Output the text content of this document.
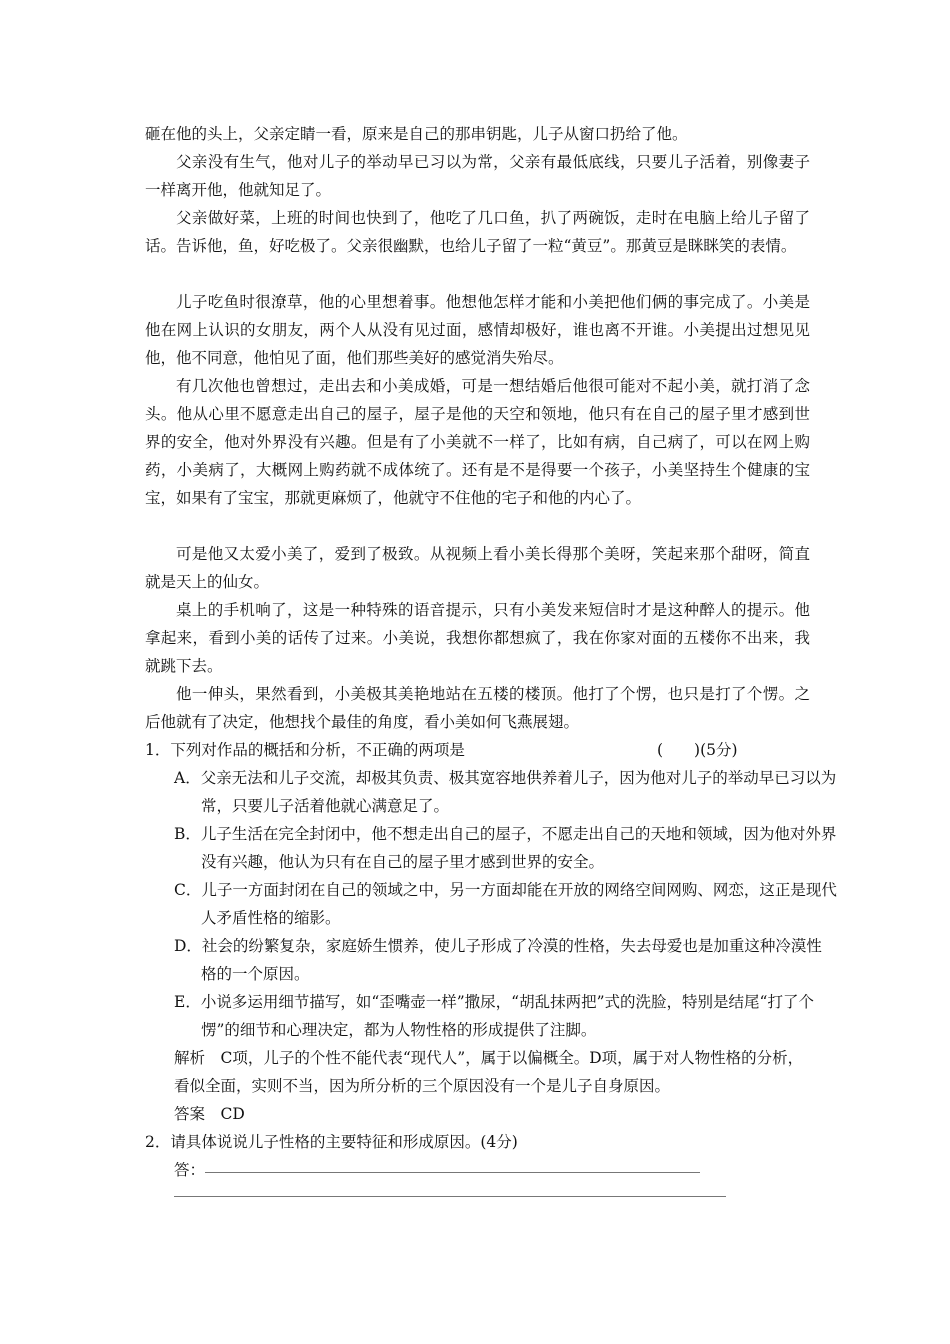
砸在他的头上，父亲定睛一看，原来是自己的那串钥匙，儿子从窗口扔给了他。

父亲没有生气，他对儿子的举动早已习以为常，父亲有最低底线，只要儿子活着，别像妻子一样离开他，他就知足了。

父亲做好菜，上班的时间也快到了，他吃了几口鱼，扒了两碗饭，走时在电脑上给儿子留了话。告诉他，鱼，好吃极了。父亲很幽默，也给儿子留了一粒“黄豆”。那黄豆是眯眯笑的表情。

儿子吃鱼时很潦草，他的心里想着事。他想他怎样才能和小美把他们俩的事完成了。小美是他在网上认识的女朋友，两个人从没有见过面，感情却极好，谁也离不开谁。小美提出过想见见他，他不同意，他怕见了面，他们那些美好的感觉消失殆尽。

有几次他也曾想过，走出去和小美成婚，可是一想结婚后他很可能对不起小美，就打消了念头。他从心里不愿意走出自己的屋子，屋子是他的天空和领地，他只有在自己的屋子里才感到世界的安全，他对外界没有兴趣。但是有了小美就不一样了，比如有病，自己病了，可以在网上购药，小美病了，大概网上购药就不成体统了。还有是不是得要一个孩子，小美坚持生个健康的宝宝，如果有了宝宝，那就更麻烦了，他就守不住他的宅子和他的内心了。

可是他又太爱小美了，爱到了极致。从视频上看小美长得那个美呀，笑起来那个甜呀，简直就是天上的仙女。

桌上的手机响了，这是一种特殊的语音提示，只有小美发来短信时才是这种醉人的提示。他拿起来，看到小美的话传了过来。小美说，我想你都想疯了，我在你家对面的五楼你不出来，我就跳下去。

他一伸头，果然看到，小美极其美艳地站在五楼的楼顶。他打了个愣，也只是打了个愣。之后他就有了决定，他想找个最佳的角度，看小美如何飞燕展翅。

1．下列对作品的概括和分析，不正确的两项是	(　　)(5分)

A．父亲无法和儿子交流，却极其负责、极其宽容地供养着儿子，因为他对儿子的举动早已习以为常，只要儿子活着他就心满意足了。

B．儿子生活在完全封闭中，他不想走出自己的屋子，不愿走出自己的天地和领域，因为他对外界没有兴趣，他认为只有在自己的屋子里才感到世界的安全。

C．儿子一方面封闭在自己的领域之中，另一方面却能在开放的网络空间网购、网恋，这正是现代人矛盾性格的缩影。

D．社会的纷繁复杂，家庭娇生惯养，使儿子形成了冷漠的性格，失去母爱也是加重这种冷漠性格的一个原因。

E．小说多运用细节描写，如“歪嘴壶一样”撒尿，“胡乱抹两把”式的洗脸，特别是结尾“打了个愣”的细节和心理决定，都为人物性格的形成提供了注脚。

解析　C项，儿子的个性不能代表“现代人”，属于以偏概全。D项，属于对人物性格的分析，看似全面，实则不当，因为所分析的三个原因没有一个是儿子自身原因。

答案　CD

2．请具体说说儿子性格的主要特征和形成原因。(4分)

答：
